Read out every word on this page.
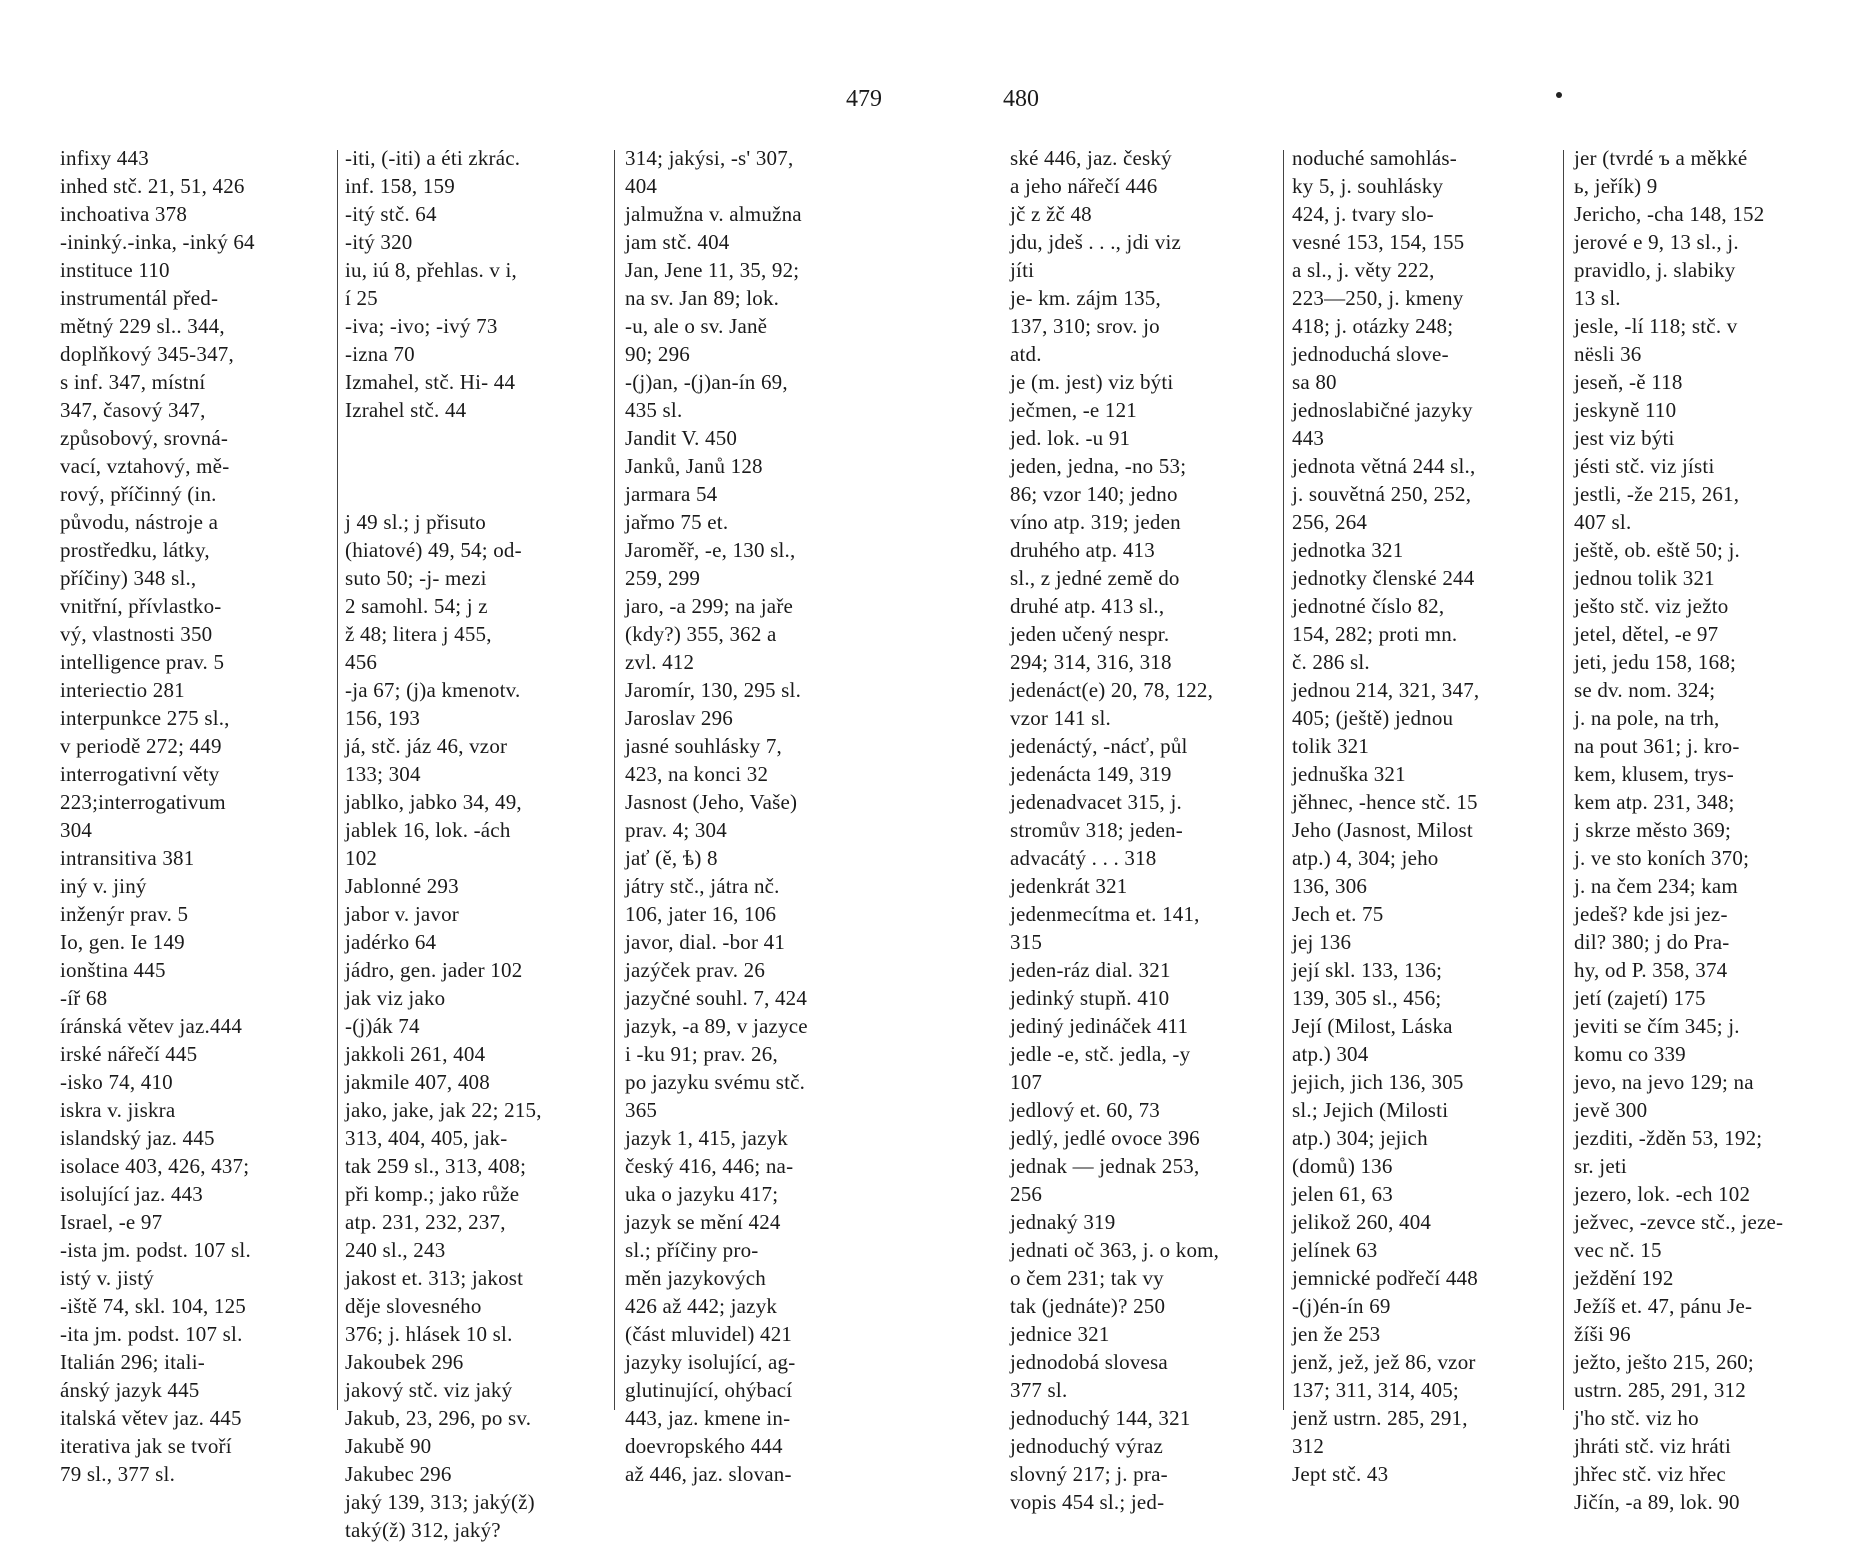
479	480
infixy 443
inhed stč. 21, 51, 426
inchoativa 378
-ininký.-inka, -inký 64
instituce 110
instrumentál před-
mětný 229 sl.. 344,
doplňkový 345-347,
s inf. 347, místní
347, časový 347,
způsobový, srovná-
vací, vztahový, mě-
rový, příčinný (in.
původu, nástroje a
prostředku, látky,
příčiny) 348 sl.,
vnitřní, přívlastko-
vý, vlastnosti 350
intelligence prav. 5
interiectio 281
interpunkce 275 sl.,
v periodě 272; 449
interrogativní věty
223;interrogativum
304
intransitiva 381
iný v. jiný
inženýr prav. 5
Io, gen. Ie 149
ionština 445
-íř 68
íránská větev jaz.444
irské nářečí 445
-isko 74, 410
iskra v. jiskra
islandský jaz. 445
isolace 403, 426, 437;
isolující jaz. 443
Israel, -e 97
-ista jm. podst. 107 sl.
istý v. jistý
-iště 74, skl. 104, 125
-ita jm. podst. 107 sl.
Italián 296; itali-
ánský jazyk 445
italská větev jaz. 445
iterativa jak se tvoří
79 sl., 377 sl.
-iti, (-iti) a éti zkrác.
inf. 158, 159
-itý stč. 64
-itý 320
iu, iú 8, přehlas. v i,
í 25
-iva; -ivo; -ivý 73
-izna 70
Izmahel, stč. Hi- 44
Izrahel stč. 44
j 49 sl.; j přisuto
(hiatové) 49, 54; od-
suto 50; -j- mezi
2 samohl. 54; j z
ž 48; litera j 455,
456
-ja 67; (j)a kmenotv.
156, 193
já, stč. jáz 46, vzor
133; 304
jablko, jabko 34, 49,
jablek 16, lok. -ách
102
Jablonné 293
jabor v. javor
jadérko 64
jádro, gen. jader 102
jak viz jako
-(j)ák 74
jakkoli 261, 404
jakmile 407, 408
jako, jake, jak 22; 215,
313, 404, 405, jak-
tak 259 sl., 313, 408;
při komp.; jako růže
atp. 231, 232, 237,
240 sl., 243
jakost et. 313; jakost
děje slovesného
376; j. hlásek 10 sl.
Jakoubek 296
jakový stč. viz jaký
Jakub, 23, 296, po sv.
Jakubě 90
Jakubec 296
jaký 139, 313; jaký(ž)
taký(ž) 312, jaký?
314; jakýsi, -s' 307,
404
jalmužna v. almužna
jam stč. 404
Jan, Jene 11, 35, 92;
na sv. Jan 89; lok.
-u, ale o sv. Janě
90; 296
-(j)an, -(j)an-ín 69,
435 sl.
Jandit V. 450
Janků, Janů 128
jarmara 54
jařmo 75 et.
Jaroměř, -e, 130 sl.,
259, 299
jaro, -a 299; na jaře
(kdy?) 355, 362 a
zvl. 412
Jaromír, 130, 295 sl.
Jaroslav 296
jasné souhlásky 7,
423, na konci 32
Jasnost (Jeho, Vaše)
prav. 4; 304
jať (ě, ѣ) 8
játry stč., játra nč.
106, jater 16, 106
javor, dial. -bor 41
jazýček prav. 26
jazyčné souhl. 7, 424
jazyk, -a 89, v jazyce
i -ku 91; prav. 26,
po jazyku svému stč.
365
jazyk 1, 415, jazyk
český 416, 446; na-
uka o jazyku 417;
jazyk se mění 424
sl.; příčiny pro-
měn jazykových
426 až 442; jazyk
(část mluvidel) 421
jazyky isolující, ag-
glutinující, ohýbací
443, jaz. kmene in-
doevropského 444
až 446, jaz. slovan-
ské 446, jaz. český
a jeho nářečí 446
jč z žč 48
jdu, jdeš . . ., jdi viz
jíti
je- km. zájm 135,
137, 310; srov. jo
atd.
je (m. jest) viz býti
ječmen, -e 121
jed. lok. -u 91
jeden, jedna, -no 53;
86; vzor 140; jedno
víno atp. 319; jeden
druhého atp. 413
sl., z jedné země do
druhé atp. 413 sl.,
jeden učený nespr.
294; 314, 316, 318
jedenáct(e) 20, 78, 122,
vzor 141 sl.
jedenáctý, -nácť, půl
jedenácta 149, 319
jedenadvacet 315, j.
stromův 318; jeden-
advacátý . . . 318
jedenkrát 321
jedenmecítma et. 141,
315
jeden-ráz dial. 321
jedinký stupň. 410
jediný jedináček 411
jedle -e, stč. jedla, -y
107
jedlový et. 60, 73
jedlý, jedlé ovoce 396
jednak — jednak 253,
256
jednaký 319
jednati oč 363, j. o kom,
o čem 231; tak vy
tak (jednáte)? 250
jednice 321
jednodobá slovesa
377 sl.
jednoduchý 144, 321
jednoduchý výraz
slovný 217; j. pra-
vopis 454 sl.; jed-
noduché samohlás-
ky 5, j. souhlásky
424, j. tvary slo-
vesné 153, 154, 155
a sl., j. věty 222,
223—250, j. kmeny
418; j. otázky 248;
jednoduchá slove-
sa 80
jednoslabičné jazyky
443
jednota větná 244 sl.,
j. souvětná 250, 252,
256, 264
jednotka 321
jednotky členské 244
jednotné číslo 82,
154, 282; proti mn.
č. 286 sl.
jednou 214, 321, 347,
405; (ještě) jednou
tolik 321
jednuška 321
jěhnec, -hence stč. 15
Jeho (Jasnost, Milost
atp.) 4, 304; jeho
136, 306
Jech et. 75
jej 136
její skl. 133, 136;
139, 305 sl., 456;
Její (Milost, Láska
atp.) 304
jejich, jich 136, 305
sl.; Jejich (Milosti
atp.) 304; jejich
(domů) 136
jelen 61, 63
jelikož 260, 404
jelínek 63
jemnické podřečí 448
-(j)én-ín 69
jen že 253
jenž, jež, jež 86, vzor
137; 311, 314, 405;
jenž ustrn. 285, 291,
312
Jept stč. 43
jer (tvrdé ъ a měkké
ь, jeřík) 9
Jericho, -cha 148, 152
jerové e 9, 13 sl., j.
pravidlo, j. slabiky
13 sl.
jesle, -lí 118; stč. v
nësli 36
jeseň, -ě 118
jeskyně 110
jest viz býti
jésti stč. viz jísti
jestli, -že 215, 261,
407 sl.
ještě, ob. eště 50; j.
jednou tolik 321
ješto stč. viz ježto
jetel, dětel, -e 97
jeti, jedu 158, 168;
se dv. nom. 324;
j. na pole, na trh,
na pout 361; j. kro-
kem, klusem, trys-
kem atp. 231, 348;
j skrze město 369;
j. ve sto koních 370;
j. na čem 234; kam
jedeš? kde jsi jez-
dil? 380; j do Pra-
hy, od P. 358, 374
jetí (zajetí) 175
jeviti se čím 345; j.
komu co 339
jevo, na jevo 129; na
jevě 300
jezditi, -žděn 53, 192;
sr. jeti
jezero, lok. -ech 102
ježvec, -zevce stč., jeze-
vec nč. 15
ježdění 192
Ježíš et. 47, pánu Je-
žíši 96
ježto, ješto 215, 260;
ustrn. 285, 291, 312
j'ho stč. viz ho
jhráti stč. viz hráti
jhřec stč. viz hřec
Jičín, -a 89, lok. 90
